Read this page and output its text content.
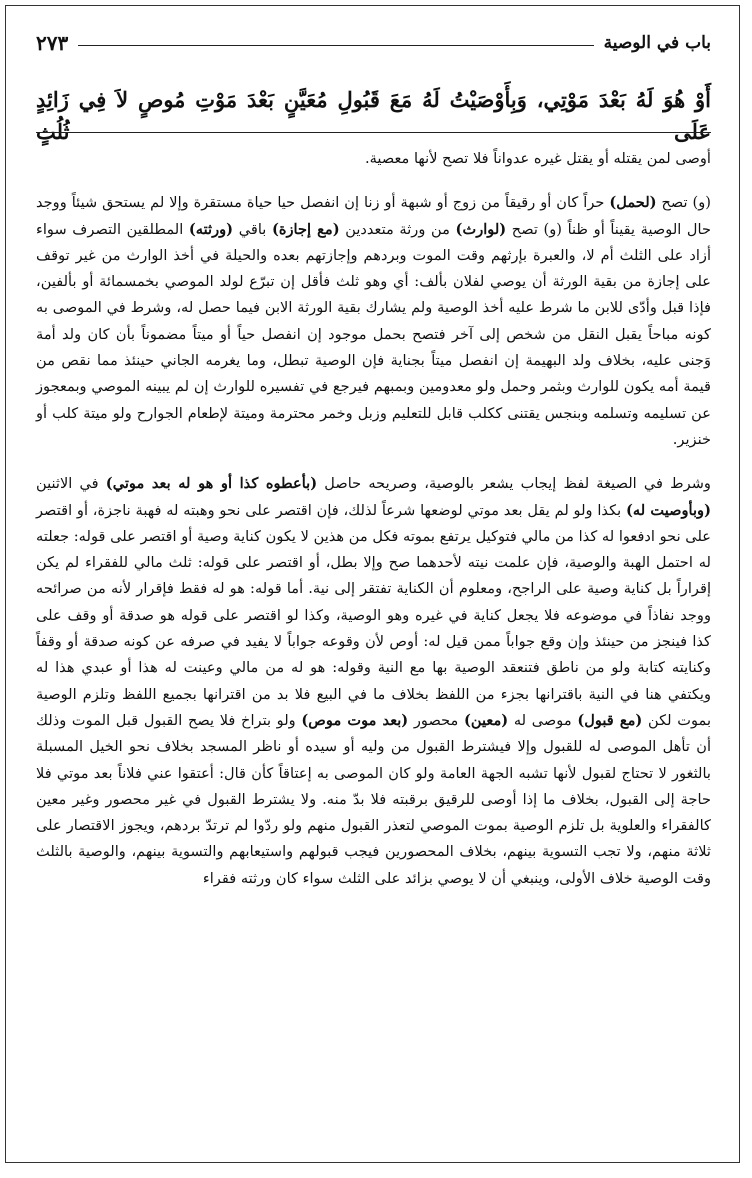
باب في الوصية
٢٧٣
أَوْ هُوَ لَهُ بَعْدَ مَوْتِي، وَبِأَوْصَيْتُ لَهُ مَعَ قَبُولِ مُعَيَّنٍ بَعْدَ مَوْتِ مُوصٍ لاَ فِي زَائِدٍ عَلَى ثُلُثٍ

أوصى لمن يقتله أو يقتل غيره عدواناً فلا تصح لأنها معصية.

(و) تصح (لحمل) حراً كان أو رقيقاً من زوج أو شبهة أو زنا إن انفصل حيا حياة مستقرة وإلا لم يستحق شيئاً ووجد حال الوصية يقيناً أو ظناً (و) تصح (لوارث) من ورثة متعددين (مع إجازة) باقي (ورثته) المطلقين التصرف سواء أزاد على الثلث أم لا، والعبرة بإرثهم وقت الموت وبردهم وإجازتهم بعده والحيلة في أخذ الوارث من غير توقف على إجازة من بقية الورثة أن يوصي لفلان بألف: أي وهو ثلث فأقل إن تبرّع لولد الموصي بخمسمائة أو بألفين، فإذا قبل وأدّى للابن ما شرط عليه أخذ الوصية ولم يشارك بقية الورثة الابن فيما حصل له، وشرط في الموصى به كونه مباحاً يقبل النقل من شخص إلى آخر فتصح بحمل موجود إن انفصل حياً أو ميتاً مضموناً بأن كان ولد أمة وَجنى عليه، بخلاف ولد البهيمة إن انفصل ميتاً بجناية فإن الوصية تبطل، وما يغرمه الجاني حينئذ مما نقص من قيمة أمه يكون للوارث وبثمر وحمل ولو معدومين وبمبهم فيرجع في تفسيره للوارث إن لم يبينه الموصي وبمعجوز عن تسليمه وتسلمه وبنجس يقتنى ككلب قابل للتعليم وزبل وخمر محترمة وميتة لإطعام الجوارح ولو ميتة كلب أو خنزير.

وشرط في الصيغة لفظ إيجاب يشعر بالوصية، وصريحه حاصل (بأعطوه كذا أو هو له بعد موتي) في الاثنين (وبأوصيت له) بكذا ولو لم يقل بعد موتي لوضعها شرعاً لذلك، فإن اقتصر على نحو وهبته له فهبة ناجزة، أو اقتصر على نحو ادفعوا له كذا من مالي فتوكيل يرتفع بموته فكل من هذين لا يكون كناية وصية أو اقتصر على قوله: جعلته له احتمل الهبة والوصية، فإن علمت نيته لأحدهما صح وإلا بطل، أو اقتصر على قوله: ثلث مالي للفقراء لم يكن إقراراً بل كناية وصية على الراجح، ومعلوم أن الكناية تفتقر إلى نية. أما قوله: هو له فقط فإقرار لأنه من صرائحه ووجد نفاذاً في موضوعه فلا يجعل كناية في غيره وهو الوصية، وكذا لو اقتصر على قوله هو صدقة أو وقف على كذا فينجز من حينئذ وإن وقع جواباً ممن قيل له: أوص لأن وقوعه جواباً لا يفيد في صرفه عن كونه صدقة أو وقفاً وكنايته كتابة ولو من ناطق فتنعقد الوصية بها مع النية وقوله: هو له من مالي وعينت له هذا أو عبدي هذا له ويكتفي هنا في النية باقترانها بجزء من اللفظ بخلاف ما في البيع فلا بد من اقترانها بجميع اللفظ وتلزم الوصية بموت لكن (مع قبول) موصى له (معين) محصور (بعد موت موص) ولو بتراخ فلا يصح القبول قبل الموت وذلك أن تأهل الموصى له للقبول وإلا فيشترط القبول من وليه أو سيده أو ناظر المسجد بخلاف نحو الخيل المسبلة بالثغور لا تحتاج لقبول لأنها تشبه الجهة العامة ولو كان الموصى به إعتاقاً كأن قال: أعتقوا عني فلاناً بعد موتي فلا حاجة إلى القبول، بخلاف ما إذا أوصى للرقيق برقبته فلا بدّ منه. ولا يشترط القبول في غير محصور وغير معين كالفقراء والعلوية بل تلزم الوصية بموت الموصي لتعذر القبول منهم ولو ردّوا لم ترتدّ بردهم، ويجوز الاقتصار على ثلاثة منهم، ولا تجب التسوية بينهم، بخلاف المحصورين فيجب قبولهم واستيعابهم والتسوية بينهم، والوصية بالثلث وقت الوصية خلاف الأولى، وينبغي أن لا يوصي بزائد على الثلث سواء كان ورثته فقراء
